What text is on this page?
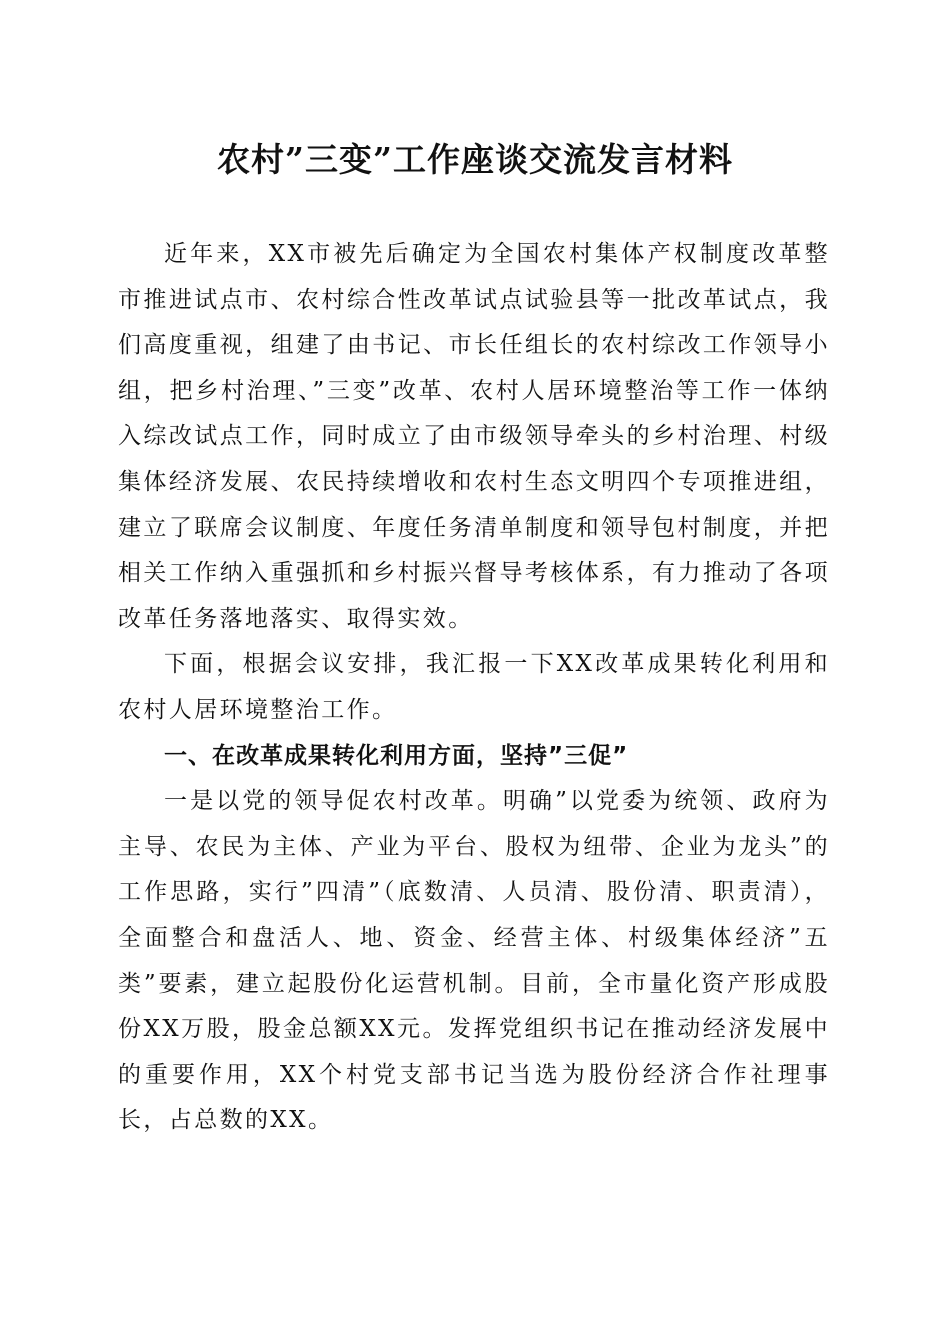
农村”三变”工作座谈交流发言材料

近年来，XX市被先后确定为全国农村集体产权制度改革整市推进试点市、农村综合性改革试点试验县等一批改革试点，我们高度重视，组建了由书记、市长任组长的农村综改工作领导小组，把乡村治理、”三变”改革、农村人居环境整治等工作一体纳入综改试点工作，同时成立了由市级领导牵头的乡村治理、村级集体经济发展、农民持续增收和农村生态文明四个专项推进组，建立了联席会议制度、年度任务清单制度和领导包村制度，并把相关工作纳入重强抓和乡村振兴督导考核体系，有力推动了各项改革任务落地落实、取得实效。

下面，根据会议安排，我汇报一下XX改革成果转化利用和农村人居环境整治工作。

一、在改革成果转化利用方面，坚持”三促”

一是以党的领导促农村改革。明确”以党委为统领、政府为主导、农民为主体、产业为平台、股权为纽带、企业为龙头”的工作思路，实行”四清”（底数清、人员清、股份清、职责清），全面整合和盘活人、地、资金、经营主体、村级集体经济”五类”要素，建立起股份化运营机制。目前，全市量化资产形成股份XX万股，股金总额XX元。发挥党组织书记在推动经济发展中的重要作用，XX个村党支部书记当选为股份经济合作社理事长，占总数的XX。
